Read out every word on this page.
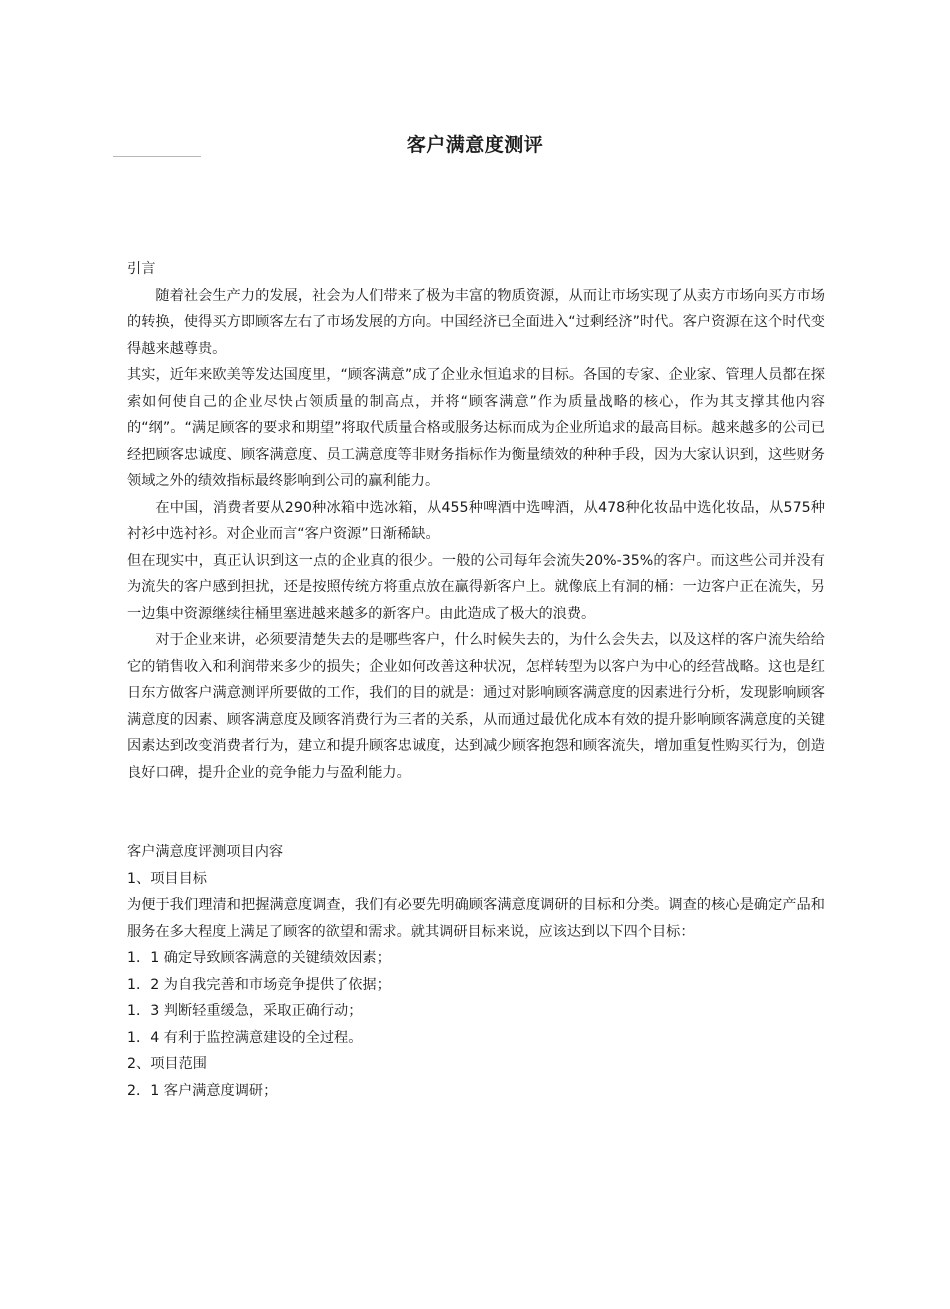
客户满意度测评

引言

随着社会生产力的发展，社会为人们带来了极为丰富的物质资源，从而让市场实现了从卖方市场向买方市场的转换，使得买方即顾客左右了市场发展的方向。中国经济已全面进入“过剩经济”时代。客户资源在这个时代变得越来越尊贵。

其实，近年来欧美等发达国度里，“顾客满意”成了企业永恒追求的目标。各国的专家、企业家、管理人员都在探索如何使自己的企业尽快占领质量的制高点，并将“顾客满意”作为质量战略的核心，作为其支撑其他内容的“纲”。“满足顾客的要求和期望”将取代质量合格或服务达标而成为企业所追求的最高目标。越来越多的公司已经把顾客忠诚度、顾客满意度、员工满意度等非财务指标作为衡量绩效的种种手段，因为大家认识到，这些财务领域之外的绩效指标最终影响到公司的赢利能力。

在中国，消费者要从290种冰箱中选冰箱，从455种啤酒中选啤酒，从478种化妆品中选化妆品，从575种衬衫中选衬衫。对企业而言“客户资源”日渐稀缺。

但在现实中，真正认识到这一点的企业真的很少。一般的公司每年会流失20%-35%的客户。而这些公司并没有为流失的客户感到担扰，还是按照传统方将重点放在赢得新客户上。就像底上有洞的桶：一边客户正在流失，另一边集中资源继续往桶里塞进越来越多的新客户。由此造成了极大的浪费。

对于企业来讲，必须要清楚失去的是哪些客户，什么时候失去的，为什么会失去，以及这样的客户流失给给它的销售收入和利润带来多少的损失；企业如何改善这种状况，怎样转型为以客户为中心的经营战略。这也是红日东方做客户满意测评所要做的工作，我们的目的就是：通过对影响顾客满意度的因素进行分析，发现影响顾客满意度的因素、顾客满意度及顾客消费行为三者的关系，从而通过最优化成本有效的提升影响顾客满意度的关键因素达到改变消费者行为，建立和提升顾客忠诚度，达到减少顾客抱怨和顾客流失，增加重复性购买行为，创造良好口碑，提升企业的竞争能力与盈利能力。

客户满意度评测项目内容

1、项目目标

为便于我们理清和把握满意度调查，我们有必要先明确顾客满意度调研的目标和分类。调查的核心是确定产品和服务在多大程度上满足了顾客的欲望和需求。就其调研目标来说，应该达到以下四个目标：

1．1 确定导致顾客满意的关键绩效因素；

1．2 为自我完善和市场竞争提供了依据；

1．3 判断轻重缓急，采取正确行动；

1．4 有利于监控满意建设的全过程。

2、项目范围

2．1 客户满意度调研；
